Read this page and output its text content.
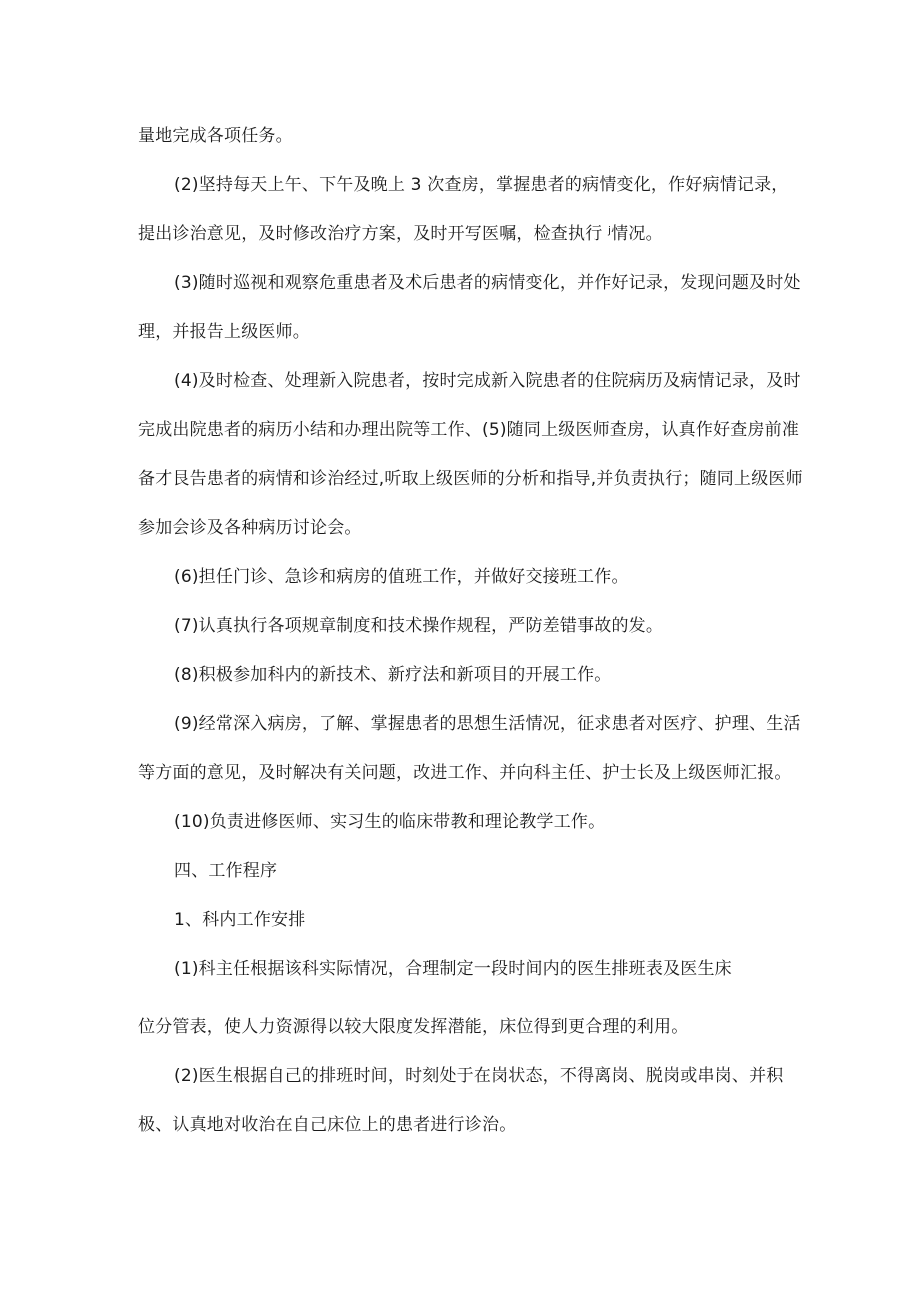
量地完成各项任务。
(2)坚持每天上午、下午及晚上 3 次查房，掌握患者的病情变化，作好病情记录，
提出诊治意见，及时修改治疗方案，及时开写医嘱，检查执行 ʲ情况。
(3)随时巡视和观察危重患者及术后患者的病情变化，并作好记录，发现问题及时处
理，并报告上级医师。
(4)及时检查、处理新入院患者，按时完成新入院患者的住院病历及病情记录，及时
完成出院患者的病历小结和办理出院等工作、(5)随同上级医师查房，认真作好查房前准
备才艮告患者的病情和诊治经过,听取上级医师的分析和指导,并负责执行；随同上级医师
参加会诊及各种病历讨论会。
(6)担任门诊、急诊和病房的值班工作，并做好交接班工作。
(7)认真执行各项规章制度和技术操作规程，严防差错事故的发。
(8)积极参加科内的新技术、新疗法和新项目的开展工作。
(9)经常深入病房，了解、掌握患者的思想生活情况，征求患者对医疗、护理、生活
等方面的意见，及时解决有关问题，改进工作、并向科主任、护士长及上级医师汇报。
(10)负责进修医师、实习生的临床带教和理论教学工作。
四、工作程序
1、科内工作安排
(1)科主任根据该科实际情况，合理制定一段时间内的医生排班表及医生床
位分管表，使人力资源得以较大限度发挥潜能，床位得到更合理的利用。
(2)医生根据自己的排班时间，时刻处于在岗状态，不得离岗、脱岗或串岗、并积
极、认真地对收治在自己床位上的患者进行诊治。
